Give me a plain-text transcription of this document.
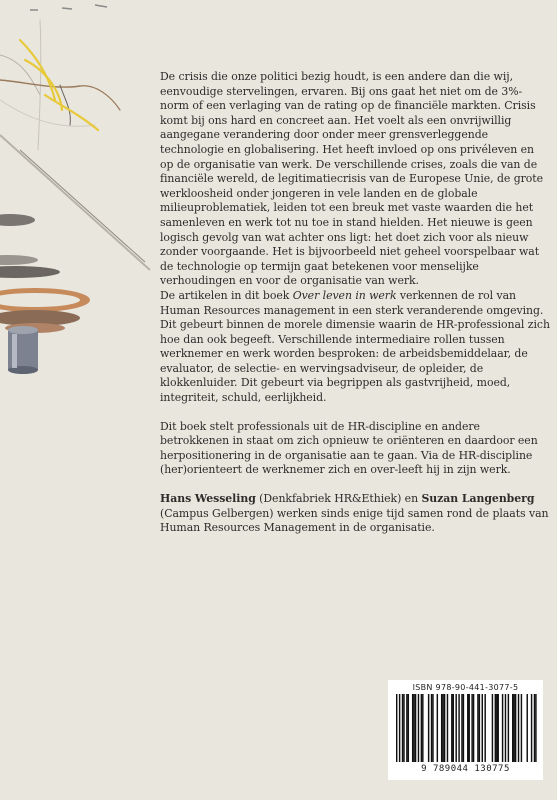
De crisis die onze politici bezig houdt, is een andere dan die wij, eenvoudige stervelingen, ervaren. Bij ons gaat het niet om de 3%-norm of een verlaging van de rating op de financiële markten. Crisis komt bij ons hard en concreet aan. Het voelt als een onvrijwillig aangegane verandering door onder meer grensverleggende technologie en globalisering. Het heeft invloed op ons privéleven en op de organisatie van werk. De verschillende crises, zoals die van de financiële wereld, de legitimatiecrisis van de Europese Unie, de grote werkloosheid onder jongeren in vele landen en de globale milieuproblematiek, leiden tot een breuk met vaste waarden die het samenleven en werk tot nu toe in stand hielden. Het nieuwe is geen logisch gevolg van wat achter ons ligt: het doet zich voor als nieuw zonder voorgaande. Het is bijvoorbeeld niet geheel voorspelbaar wat de technologie op termijn gaat betekenen voor menselijke verhoudingen en voor de organisatie van werk.

De artikelen in dit boek Over leven in werk verkennen de rol van Human Resources management in een sterk veranderende omgeving. Dit gebeurt binnen de morele dimensie waarin de HR-professional zich hoe dan ook begeeft. Verschillende intermediaire rollen tussen werknemer en werk worden besproken: de arbeidsbemiddelaar, de evaluator, de selectie- en wervingsadviseur, de opleider, de klokkenluider. Dit gebeurt via begrippen als gastvrijheid, moed, integriteit, schuld, eerlijkheid.

Dit boek stelt professionals uit de HR-discipline en andere betrokkenen in staat om zich opnieuw te oriënteren en daardoor een herpositionering in de organisatie aan te gaan. Via de HR-discipline (her)orienteert de werknemer zich en over-leeft hij in zijn werk.

Hans Wesseling (Denkfabriek HR&Ethiek) en Suzan Langenberg (Campus Gelbergen) werken sinds enige tijd samen rond de plaats van Human Resources Management in de organisatie.

ISBN 978-90-441-3077-5
9 789044 130775
